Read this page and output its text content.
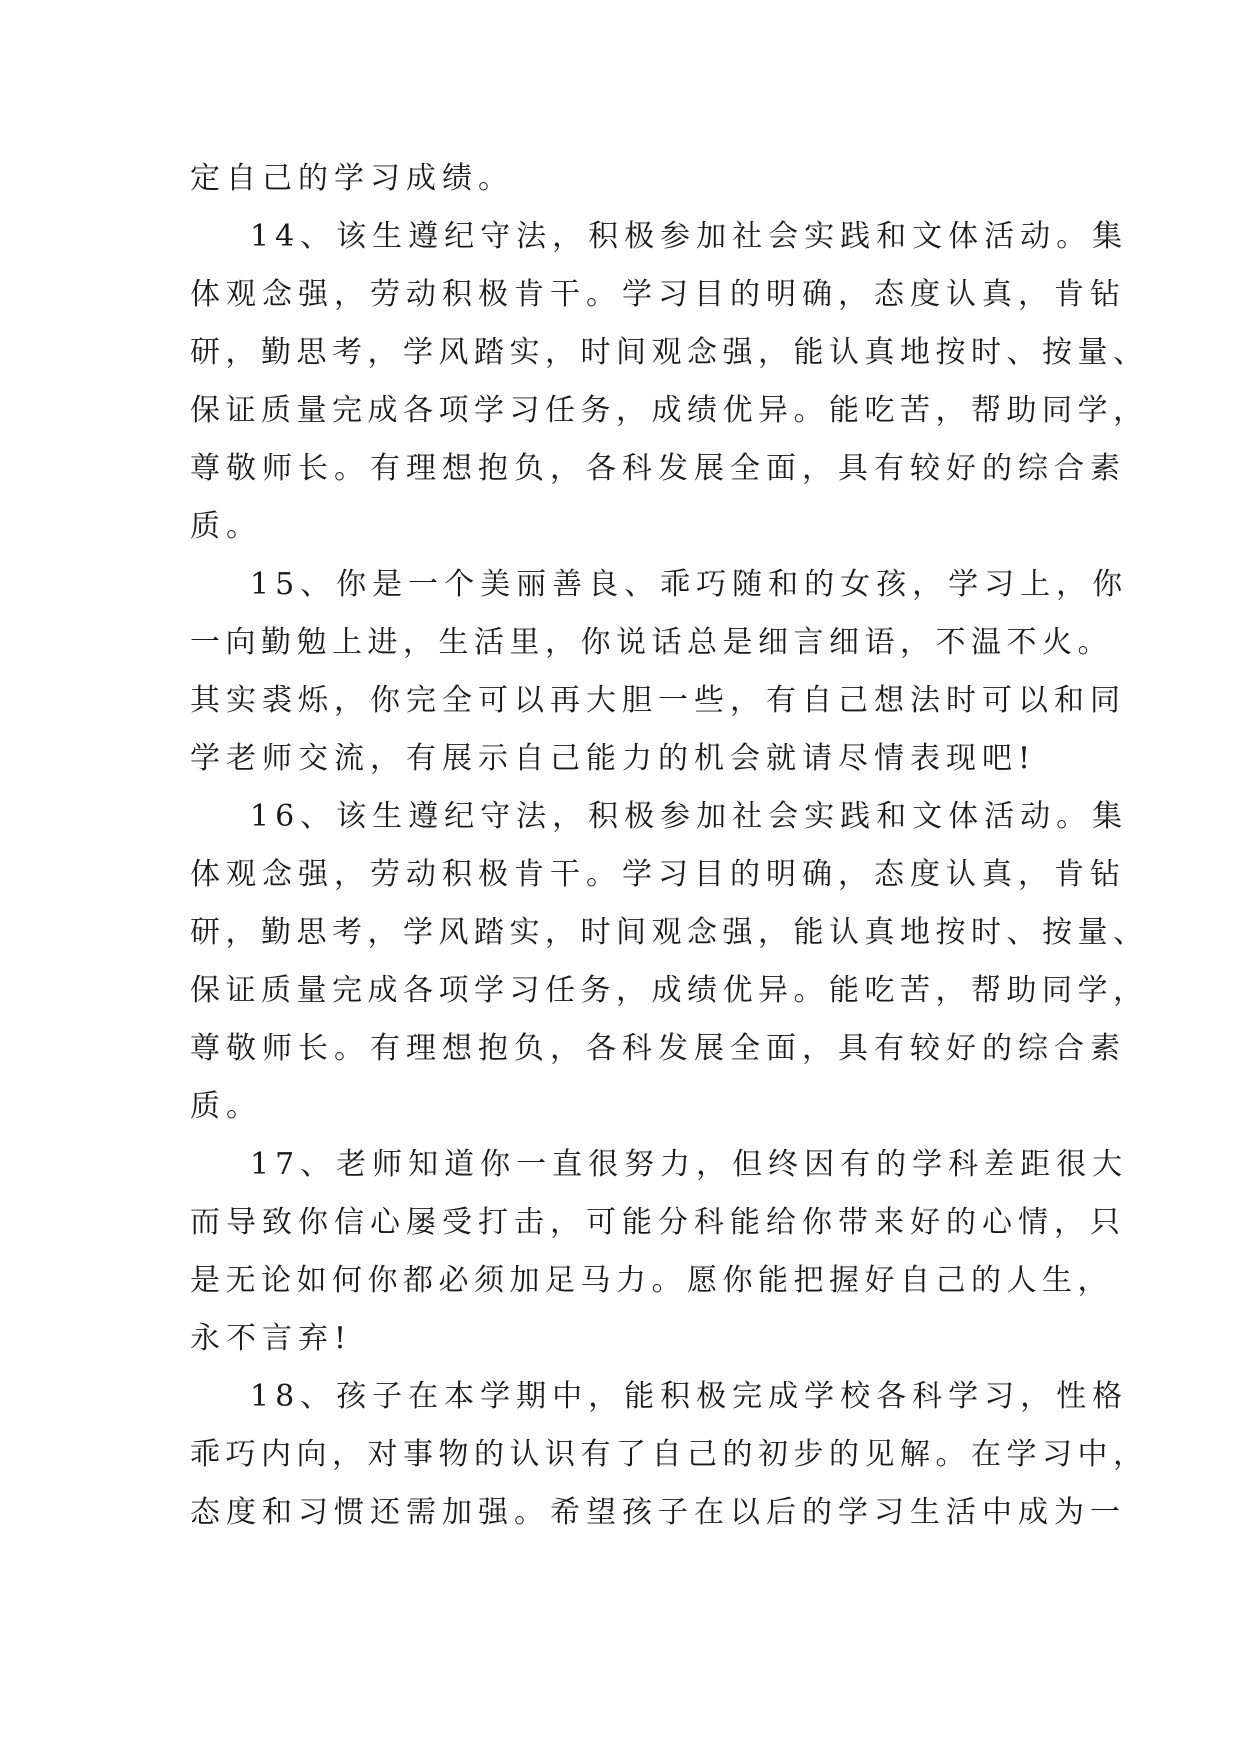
定自己的学习成绩。
14、该生遵纪守法，积极参加社会实践和文体活动。集
体观念强，劳动积极肯干。学习目的明确，态度认真，肯钻
研，勤思考，学风踏实，时间观念强，能认真地按时、按量、
保证质量完成各项学习任务，成绩优异。能吃苦，帮助同学，
尊敬师长。有理想抱负，各科发展全面，具有较好的综合素
质。
15、你是一个美丽善良、乖巧随和的女孩，学习上，你
一向勤勉上进，生活里，你说话总是细言细语，不温不火。
其实裘烁，你完全可以再大胆一些，有自己想法时可以和同
学老师交流，有展示自己能力的机会就请尽情表现吧!
16、该生遵纪守法，积极参加社会实践和文体活动。集
体观念强，劳动积极肯干。学习目的明确，态度认真，肯钻
研，勤思考，学风踏实，时间观念强，能认真地按时、按量、
保证质量完成各项学习任务，成绩优异。能吃苦，帮助同学，
尊敬师长。有理想抱负，各科发展全面，具有较好的综合素
质。
17、老师知道你一直很努力，但终因有的学科差距很大
而导致你信心屡受打击，可能分科能给你带来好的心情，只
是无论如何你都必须加足马力。愿你能把握好自己的人生，
永不言弃!
18、孩子在本学期中，能积极完成学校各科学习，性格
乖巧内向，对事物的认识有了自己的初步的见解。在学习中，
态度和习惯还需加强。希望孩子在以后的学习生活中成为一
